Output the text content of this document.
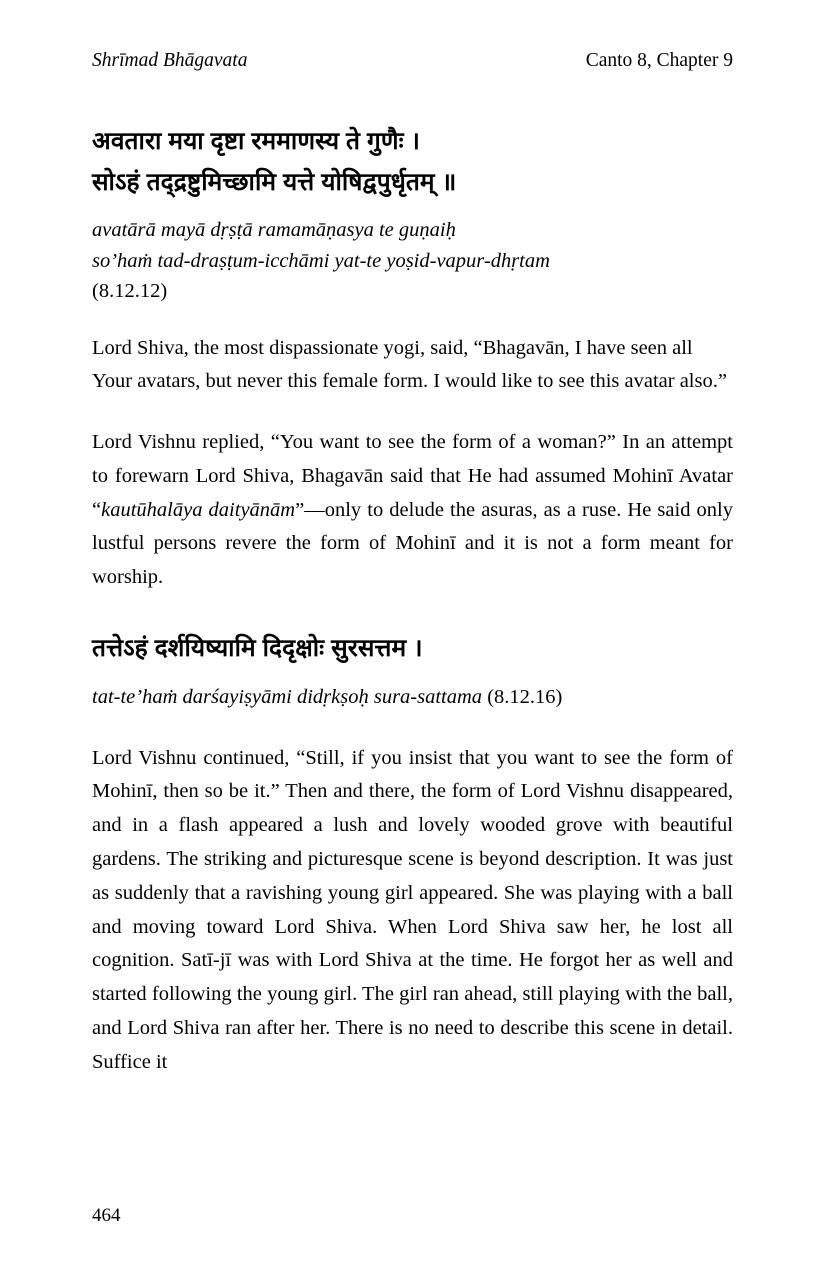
Shrīmad Bhāgavata	Canto 8, Chapter 9
अवतारा मया दृष्टा रममाणस्य ते गुणैः ।
सोऽहं तद्द्रष्टुमिच्छामि यत्ते योषिद्वपुर्धृतम् ॥
avatārā mayā dṛṣṭā ramamāṇasya te guṇaiḥ
so’haṁ tad-draṣṭum-icchāmi yat-te yoṣid-vapur-dhṛtam
(8.12.12)

Lord Shiva, the most dispassionate yogi, said, “Bhagavān, I have seen all Your avatars, but never this female form. I would like to see this avatar also.”

Lord Vishnu replied, “You want to see the form of a woman?” In an attempt to forewarn Lord Shiva, Bhagavān said that He had assumed Mohinī Avatar “kautūhalāya daityānām”—only to delude the asuras, as a ruse. He said only lustful persons revere the form of Mohinī and it is not a form meant for worship.

तत्तेऽहं दर्शयिष्यामि दिदृक्षोः सुरसत्तम ।
tat-te’haṁ darśayiṣyāmi didṛkṣoḥ sura-sattama (8.12.16)

Lord Vishnu continued, “Still, if you insist that you want to see the form of Mohinī, then so be it.” Then and there, the form of Lord Vishnu disappeared, and in a flash appeared a lush and lovely wooded grove with beautiful gardens. The striking and picturesque scene is beyond description. It was just as suddenly that a ravishing young girl appeared. She was playing with a ball and moving toward Lord Shiva. When Lord Shiva saw her, he lost all cognition. Satī-jī was with Lord Shiva at the time. He forgot her as well and started following the young girl. The girl ran ahead, still playing with the ball, and Lord Shiva ran after her. There is no need to describe this scene in detail. Suffice it

464
